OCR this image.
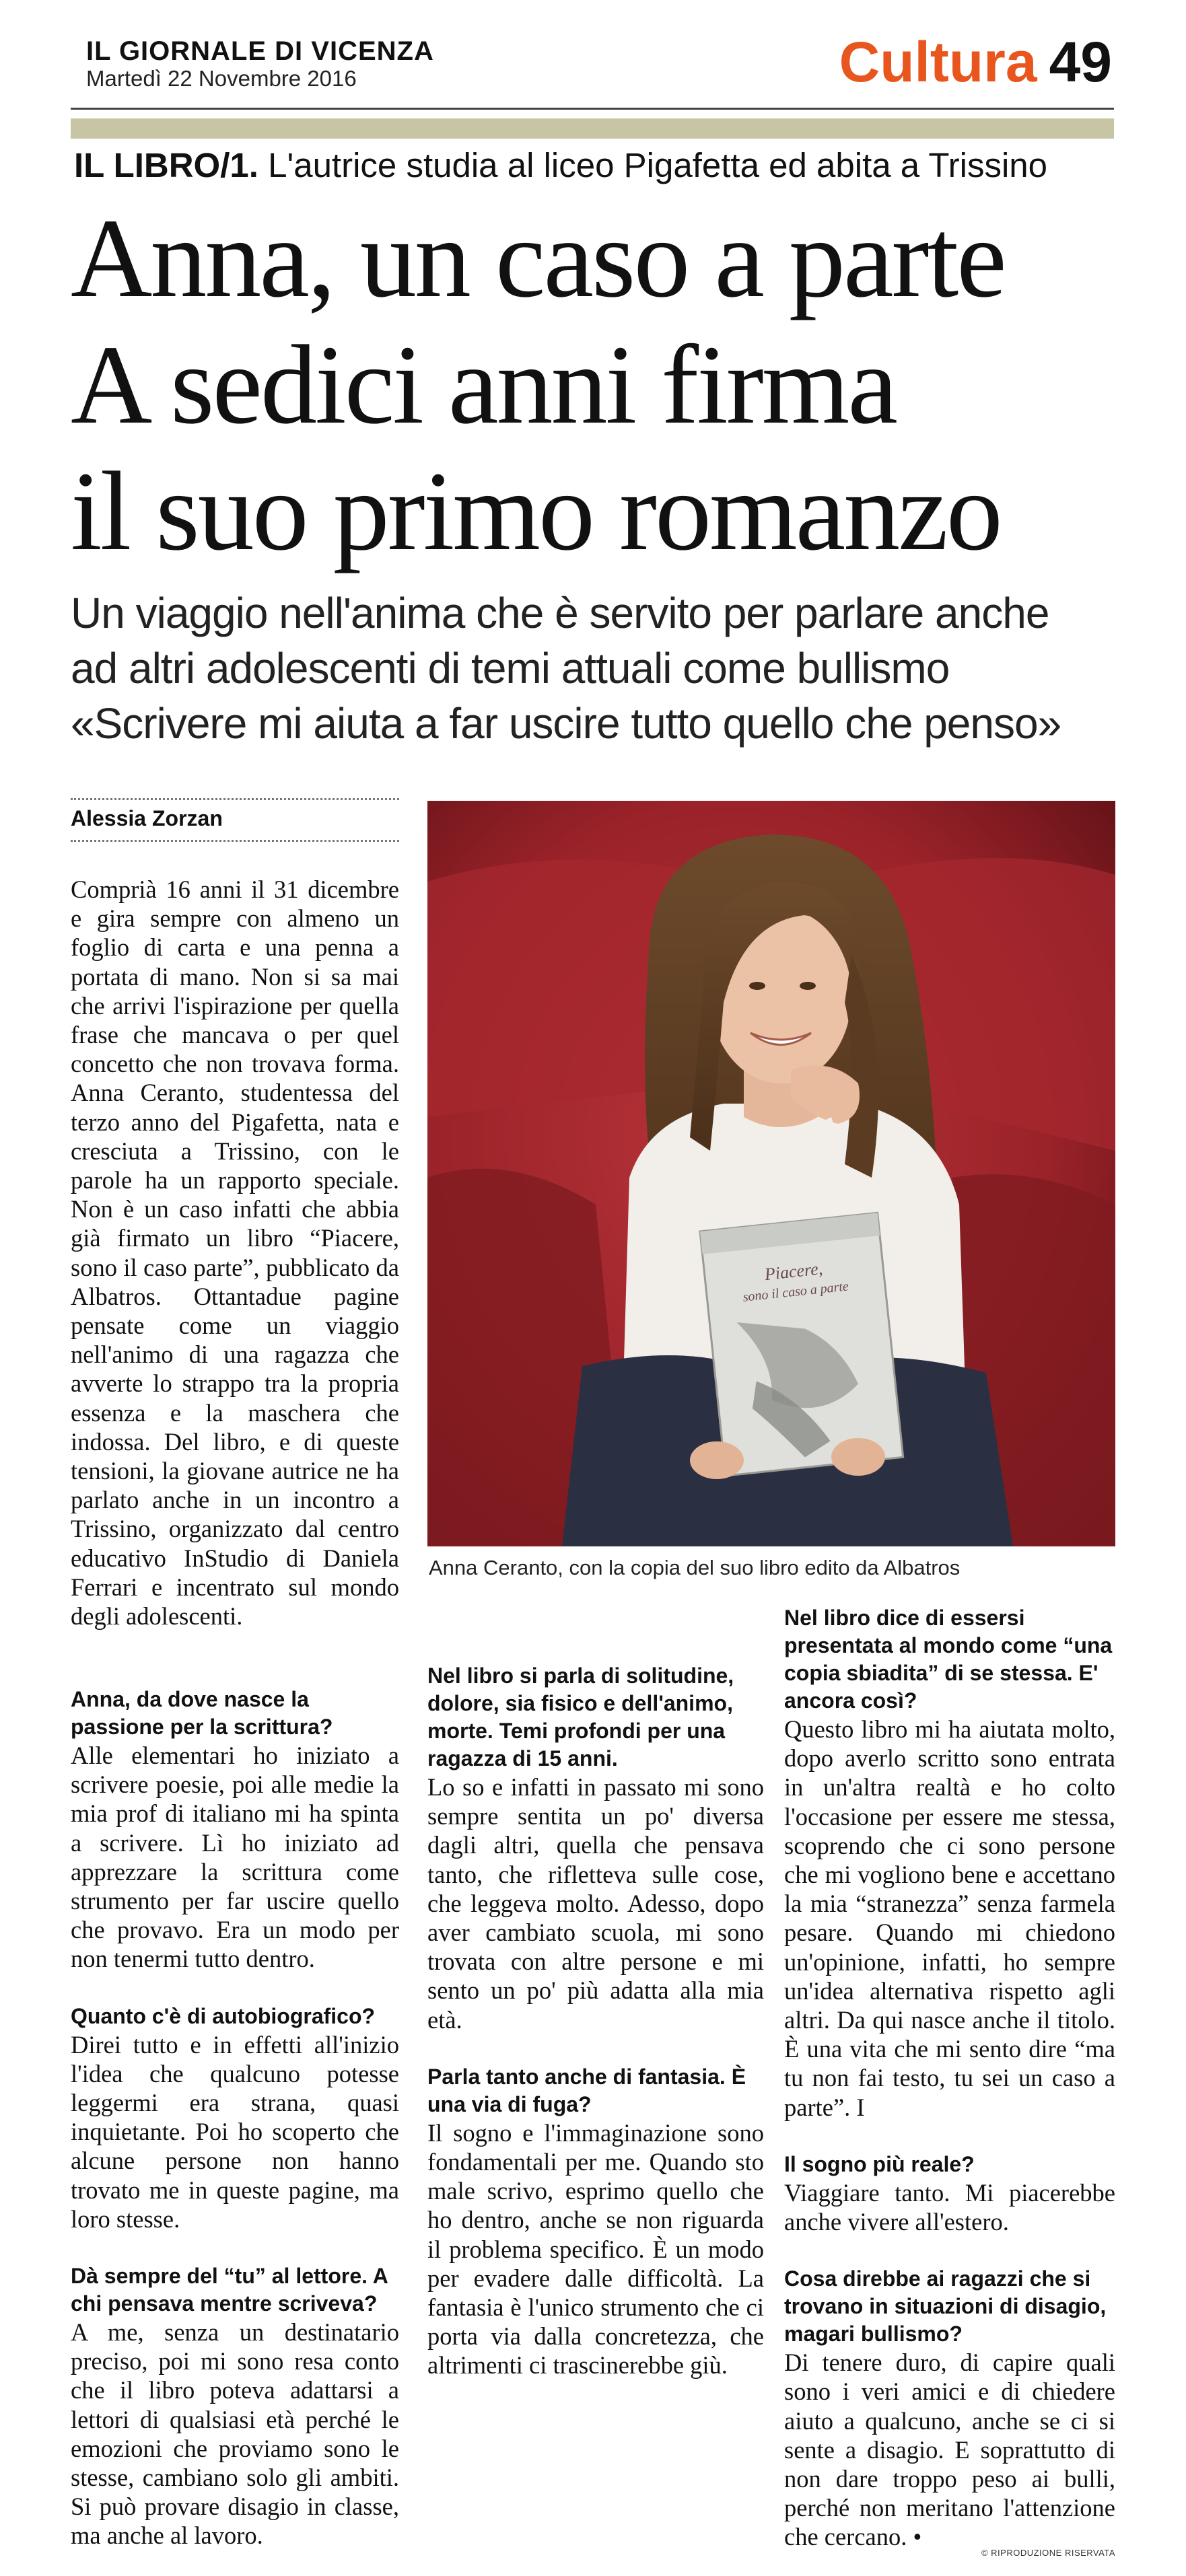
IL GIORNALE DI VICENZA
Martedì 22 Novembre 2016	Cultura 49
IL LIBRO/1. L'autrice studia al liceo Pigafetta ed abita a Trissino
Anna, un caso a parte
A sedici anni firma
il suo primo romanzo
Un viaggio nell'anima che è servito per parlare anche
ad altri adolescenti di temi attuali come bullismo
«Scrivere mi aiuta a far uscire tutto quello che penso»
Alessia Zorzan
Piacere,
sono il caso a parte
Anna Ceranto, con la copia del suo libro edito da Albatros

Comprià 16 anni il 31 dicembre e gira sempre con almeno un foglio di carta e una penna a portata di mano. Non si sa mai che arrivi l'ispirazione per quella frase che mancava o per quel concetto che non trovava forma. Anna Ceranto, studentessa del terzo anno del Pigafetta, nata e cresciuta a Trissino, con le parole ha un rapporto speciale. Non è un caso infatti che abbia già firmato un libro “Piacere, sono il caso parte”, pubblicato da Albatros. Ottantadue pagine pensate come un viaggio nell'animo di una ragazza che avverte lo strappo tra la propria essenza e la maschera che indossa. Del libro, e di queste tensioni, la giovane autrice ne ha parlato anche in un incontro a Trissino, organizzato dal centro educativo InStudio di Daniela Ferrari e incentrato sul mondo degli adolescenti.

Anna, da dove nasce la passione per la scrittura?

Alle elementari ho iniziato a scrivere poesie, poi alle medie la mia prof di italiano mi ha spinta a scrivere. Lì ho iniziato ad apprezzare la scrittura come strumento per far uscire quello che provavo. Era un modo per non tenermi tutto dentro.

Quanto c'è di autobiografico?

Direi tutto e in effetti all'inizio l'idea che qualcuno potesse leggermi era strana, quasi inquietante. Poi ho scoperto che alcune persone non hanno trovato me in queste pagine, ma loro stesse.

Dà sempre del “tu” al lettore. A chi pensava mentre scriveva?

A me, senza un destinatario preciso, poi mi sono resa conto che il libro poteva adattarsi a lettori di qualsiasi età perché le emozioni che proviamo sono le stesse, cambiano solo gli ambiti. Si può provare disagio in classe, ma anche al lavoro.

Nel libro si parla di solitudine, dolore, sia fisico e dell'animo, morte. Temi profondi per una ragazza di 15 anni.

Lo so e infatti in passato mi sono sempre sentita un po' diversa dagli altri, quella che pensava tanto, che rifletteva sulle cose, che leggeva molto. Adesso, dopo aver cambiato scuola, mi sono trovata con altre persone e mi sento un po' più adatta alla mia età.

Parla tanto anche di fantasia. È una via di fuga?

Il sogno e l'immaginazione sono fondamentali per me. Quando sto male scrivo, esprimo quello che ho dentro, anche se non riguarda il problema specifico. È un modo per evadere dalle difficoltà. La fantasia è l'unico strumento che ci porta via dalla concretezza, che altrimenti ci trascinerebbe giù.

Nel libro dice di essersi presentata al mondo come “una copia sbiadita” di se stessa. E' ancora così?

Questo libro mi ha aiutata molto, dopo averlo scritto sono entrata in un'altra realtà e ho colto l'occasione per essere me stessa, scoprendo che ci sono persone che mi vogliono bene e accettano la mia “stranezza” senza farmela pesare. Quando mi chiedono un'opinione, infatti, ho sempre un'idea alternativa rispetto agli altri. Da qui nasce anche il titolo. È una vita che mi sento dire “ma tu non fai testo, tu sei un caso a parte”. I

Il sogno più reale?

Viaggiare tanto. Mi piacerebbe anche vivere all'estero.

Cosa direbbe ai ragazzi che si trovano in situazioni di disagio, magari bullismo?

Di tenere duro, di capire quali sono i veri amici e di chiedere aiuto a qualcuno, anche se ci si sente a disagio. E soprattutto di non dare troppo peso ai bulli, perché non meritano l'attenzione che cercano. •

© RIPRODUZIONE RISERVATA
